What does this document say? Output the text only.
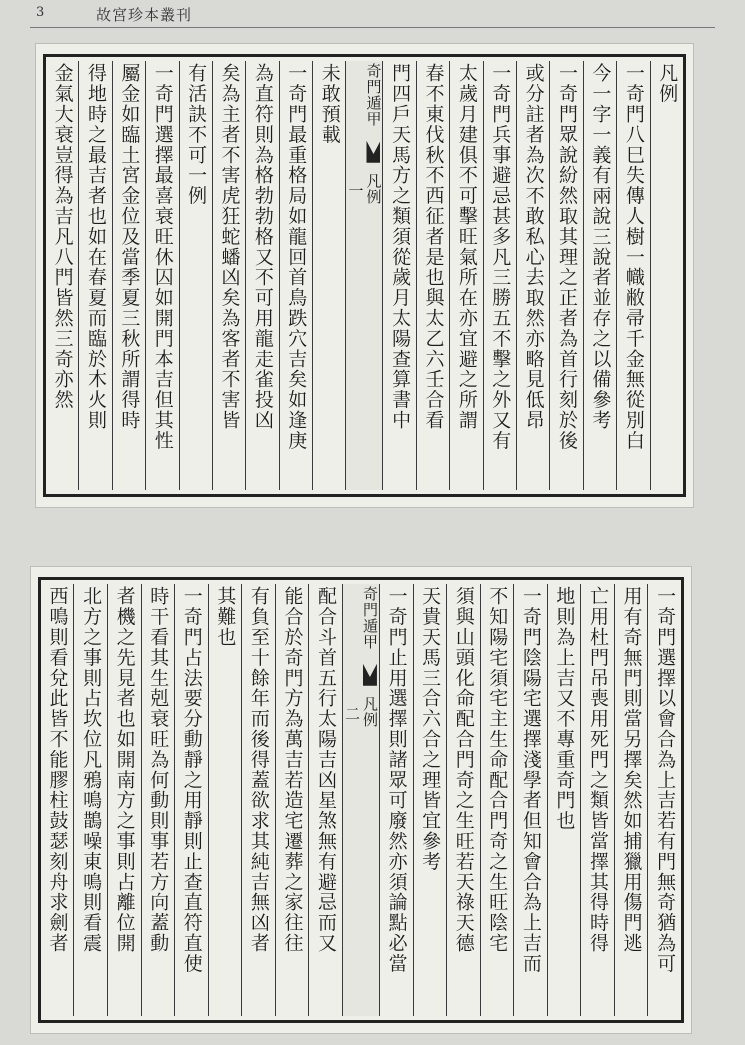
3	故宮珍本叢刊
凡例
一奇門八巳失傳人樹一幟敝帚千金無從別白
今一字一義有兩說三說者並存之以備參考
一奇門眾說紛然取其理之正者為首行刻於後
或分註者為次不敢私心去取然亦略見低昂
一奇門兵事避忌甚多凡三勝五不擊之外又有
太歲月建俱不可擊旺氣所在亦宜避之所謂
春不東伐秋不西征者是也與太乙六壬合看
門四戶天馬方之類須從歲月太陽查算書中
奇門遁甲  凡例
一
未敢預載
一奇門最重格局如龍回首鳥跌穴吉矣如逢庚
為直符則為格勃勃格又不可用龍走雀投凶
矣為主者不害虎狂蛇蟠凶矣為客者不害皆
有活訣不可一例
一奇門選擇最喜衰旺休囚如開門本吉但其性
屬金如臨土宮金位及當季夏三秋所謂得時
得地時之最吉者也如在春夏而臨於木火則
金氣大衰豈得為吉凡八門皆然三奇亦然
一奇門選擇以會合為上吉若有門無奇猶為可
用有奇無門則當另擇矣然如捕獵用傷門逃
亡用杜門吊喪用死門之類皆當擇其得時得
地則為上吉又不專重奇門也
一奇門陰陽宅選擇淺學者但知會合為上吉而
不知陽宅須宅主生命配合門奇之生旺陰宅
須與山頭化命配合門奇之生旺若天祿天德
天貴天馬三合六合之理皆宜參考
一奇門止用選擇則諸眾可廢然亦須論點必當
奇門遁甲  凡例
二
配合斗首五行太陽吉凶星煞無有避忌而又
能合於奇門方為萬吉若造宅遷葬之家往往
有負至十餘年而後得蓋欲求其純吉無凶者
其難也
一奇門占法要分動靜之用靜則止查直符直使
時干看其生剋衰旺為何動則事若方向蓋動
者機之先見者也如開南方之事則占離位開
北方之事則占坎位凡鴉鳴鵲噪東鳴則看震
西鳴則看兌此皆不能膠柱鼓瑟刻舟求劍者
